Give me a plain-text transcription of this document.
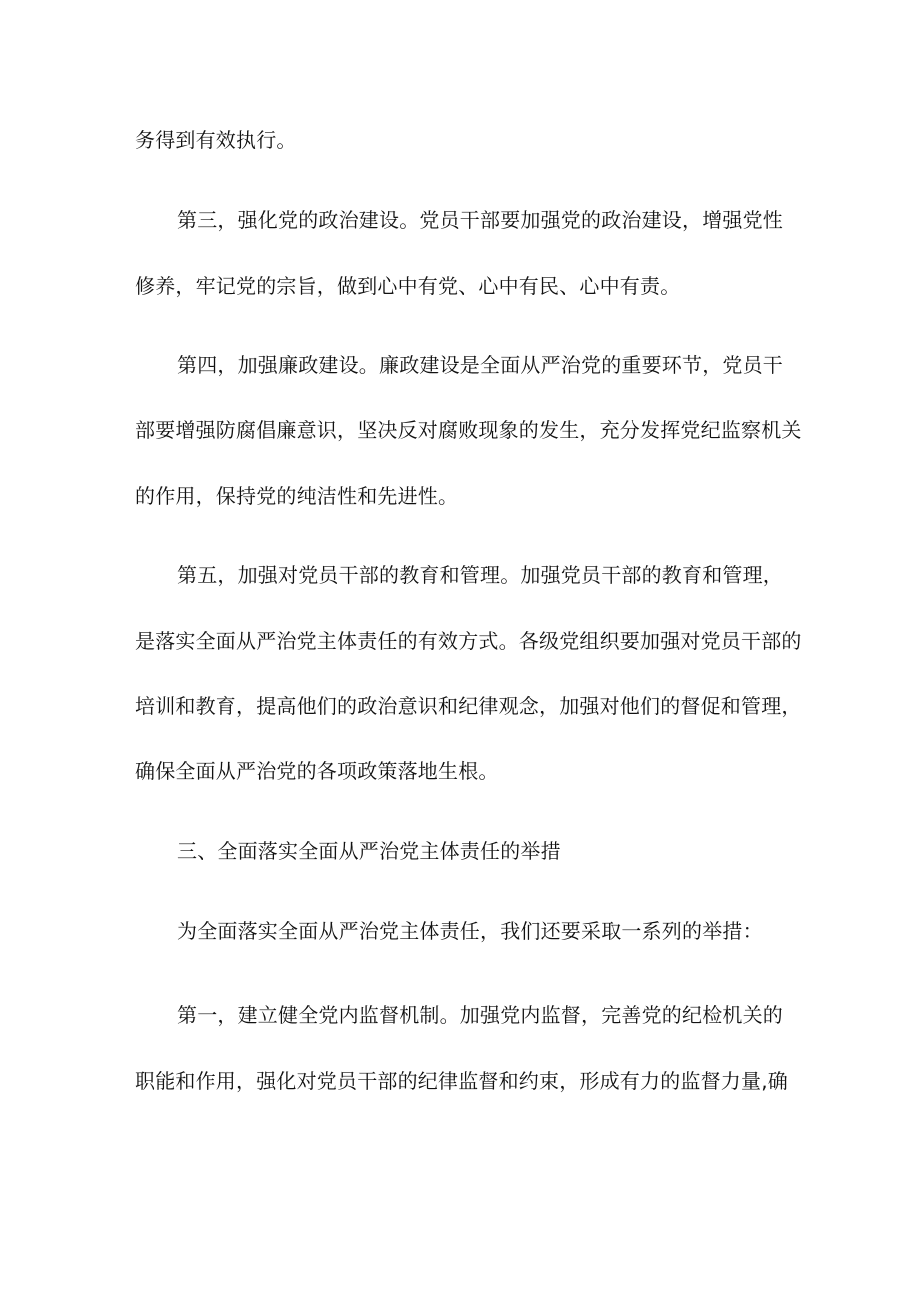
务得到有效执行。

第三，强化党的政治建设。党员干部要加强党的政治建设，增强党性

修养，牢记党的宗旨，做到心中有党、心中有民、心中有责。

第四，加强廉政建设。廉政建设是全面从严治党的重要环节，党员干

部要增强防腐倡廉意识，坚决反对腐败现象的发生，充分发挥党纪监察机关

的作用，保持党的纯洁性和先进性。

第五，加强对党员干部的教育和管理。加强党员干部的教育和管理，

是落实全面从严治党主体责任的有效方式。各级党组织要加强对党员干部的

培训和教育，提高他们的政治意识和纪律观念，加强对他们的督促和管理，

确保全面从严治党的各项政策落地生根。

三、全面落实全面从严治党主体责任的举措

为全面落实全面从严治党主体责任，我们还要采取一系列的举措：

第一，建立健全党内监督机制。加强党内监督，完善党的纪检机关的

职能和作用，强化对党员干部的纪律监督和约束，形成有力的监督力量,确
